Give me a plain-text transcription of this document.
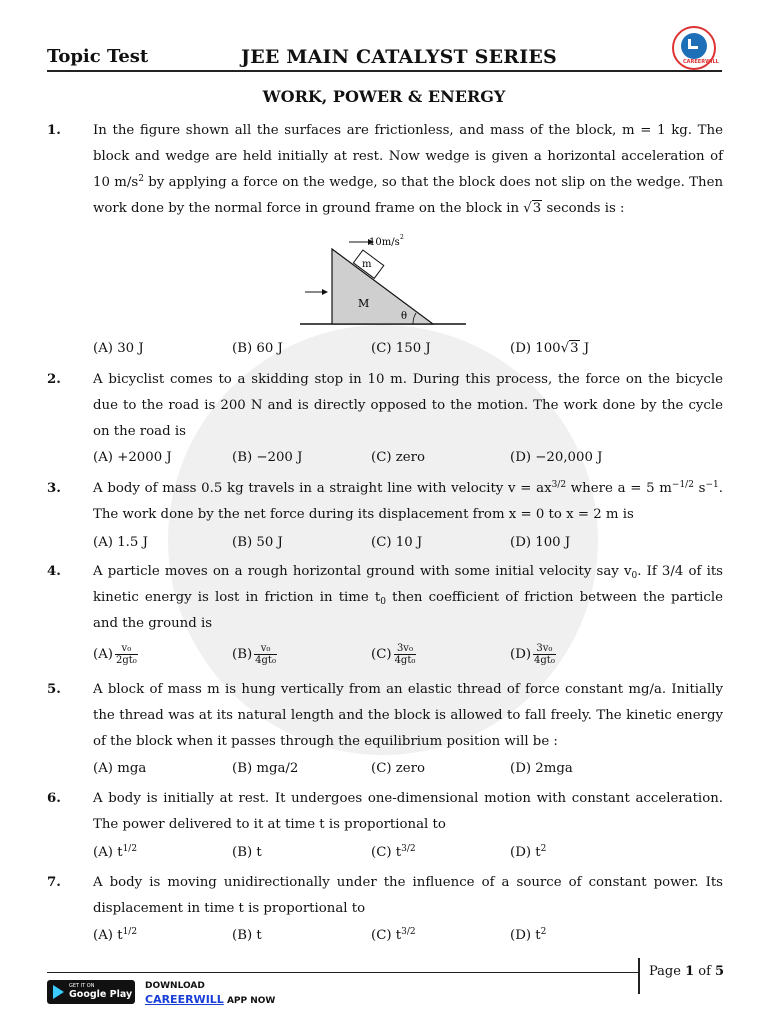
Topic Test	JEE MAIN CATALYST SERIES	CAREERWILL
WORK, POWER & ENERGY
1. In the figure shown all the surfaces are frictionless, and mass of the block, m = 1 kg. The block and wedge are held initially at rest. Now wedge is given a horizontal acceleration of 10 $m/s^2$ by applying a force on the wedge, so that the block does not slip on the wedge. Then work done by the normal force in ground frame on the block in √3 seconds is :
m
10m/s 2
M
θ
(A) 30 J	(B) 60 J	(C) 150 J	(D) 100√3 J
2. A bicyclist comes to a skidding stop in 10 m. During this process, the force on the bicycle due to the road is 200 N and is directly opposed to the motion. The work done by the cycle on the road is
(A) +2000 J	(B) −200 J	(C) zero	(D) −20,000 J
3. A body of mass 0.5 kg travels in a straight line with velocity $v = ax^{3/2}$ where a = 5 $m^{-1/2}$ $s^{-1}$. The work done by the net force during its displacement from x = 0 to x = 2 m is
(A) 1.5 J	(B) 50 J	(C) 10 J	(D) 100 J
4. A particle moves on a rough horizontal ground with some initial velocity say $v_0$. If 3/4 of its kinetic energy is lost in friction in time $t_0$ then coefficient of friction between the particle and the ground is
$(A) \frac{\text{v₀}}{\text{2gt₀}}$	$(B) \frac{\text{v₀}}{\text{4gt₀}}$	$(C) \frac{\text{3v₀}}{\text{4gt₀}}$	$(D) \frac{\text{3v₀}}{\text{4gt₀}}$
5. A block of mass m is hung vertically from an elastic thread of force constant mg/a. Initially the thread was at its natural length and the block is allowed to fall freely. The kinetic energy of the block when it passes through the equilibrium position will be :
(A) mga	(B) mga/2	(C) zero	(D) 2mga
6. A body is initially at rest. It undergoes one-dimensional motion with constant acceleration. The power delivered to it at time t is proportional to
(A) $t^{1/2}$	(B) t	(C) $t^{3/2}$	(D) $t^2$
7. A body is moving unidirectionally under the influence of a source of constant power. Its displacement in time t is proportional to
(A) $t^{1/2}$	(B) t	(C) $t^{3/2}$	(D) $t^2$
Page 1 of 5
GET IT ON
Google Play
DOWNLOAD
CAREERWILL APP NOW
